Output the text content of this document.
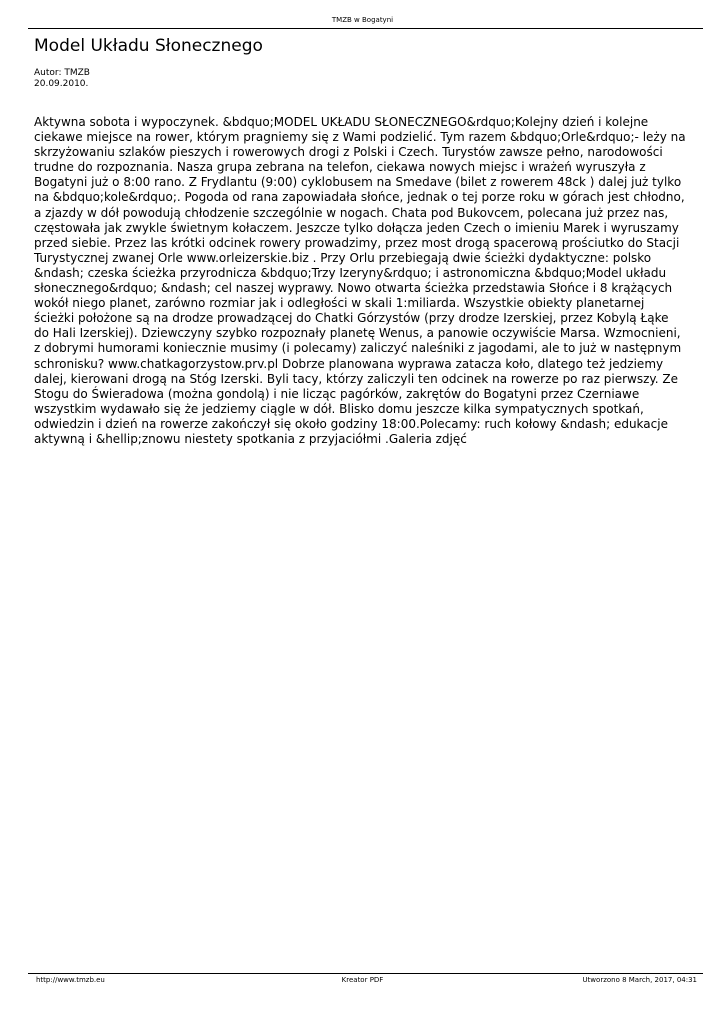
TMZB w Bogatyni
Model Układu Słonecznego
Autor: TMZB
20.09.2010.

Aktywna sobota i wypoczynek. &bdquo;MODEL UKŁADU SŁONECZNEGO&rdquo;Kolejny dzień i kolejne ciekawe miejsce na rower, którym pragniemy się z Wami podzielić. Tym razem &bdquo;Orle&rdquo;- leży na skrzyżowaniu szlaków pieszych i rowerowych drogi z Polski i Czech. Turystów zawsze pełno, narodowości trudne do rozpoznania. Nasza grupa zebrana na telefon, ciekawa nowych miejsc i wrażeń wyruszyła z Bogatyni już o 8:00 rano. Z Frydlantu (9:00) cyklobusem na Smedave (bilet z rowerem 48ck ) dalej już tylko na &bdquo;kole&rdquo;. Pogoda od rana zapowiadała słońce, jednak o tej porze roku w górach jest chłodno, a zjazdy w dół powodują chłodzenie szczególnie w nogach. Chata pod Bukovcem, polecana już przez nas, częstowała jak zwykle świetnym kołaczem. Jeszcze tylko dołącza jeden Czech o imieniu Marek i wyruszamy przed siebie. Przez las krótki odcinek rowery prowadzimy, przez most drogą spacerową prościutko do Stacji Turystycznej zwanej Orle www.orleizerskie.biz . Przy Orlu przebiegają dwie ścieżki dydaktyczne: polsko &ndash; czeska ścieżka przyrodnicza &bdquo;Trzy Izeryny&rdquo; i astronomiczna &bdquo;Model układu słonecznego&rdquo; &ndash; cel naszej wyprawy. Nowo otwarta ścieżka przedstawia Słońce i 8 krążących wokół niego planet, zarówno rozmiar jak i odległości w skali 1:miliarda. Wszystkie obiekty planetarnej ścieżki położone są na drodze prowadzącej do Chatki Górzystów (przy drodze Izerskiej, przez Kobylą Łąke do Hali Izerskiej). Dziewczyny szybko rozpoznały planetę Wenus, a panowie oczywiście Marsa. Wzmocnieni, z dobrymi humorami koniecznie musimy (i polecamy) zaliczyć naleśniki z jagodami, ale to już w następnym schronisku? www.chatkagorzystow.prv.pl Dobrze planowana wyprawa zatacza koło, dlatego też jedziemy dalej, kierowani drogą na Stóg Izerski. Byli tacy, którzy zaliczyli ten odcinek na rowerze po raz pierwszy. Ze Stogu do Świeradowa (można gondolą) i nie licząc pagórków, zakrętów do Bogatyni przez Czerniawe wszystkim wydawało się że jedziemy ciągle w dół. Blisko domu jeszcze kilka sympatycznych spotkań, odwiedzin i dzień na rowerze zakończył się około godziny 18:00.Polecamy: ruch kołowy &ndash; edukacje aktywną i &hellip;znowu niestety spotkania z przyjaciółmi .Galeria zdjęć

http://www.tmzb.eu	Kreator PDF	Utworzono 8 March, 2017, 04:31
